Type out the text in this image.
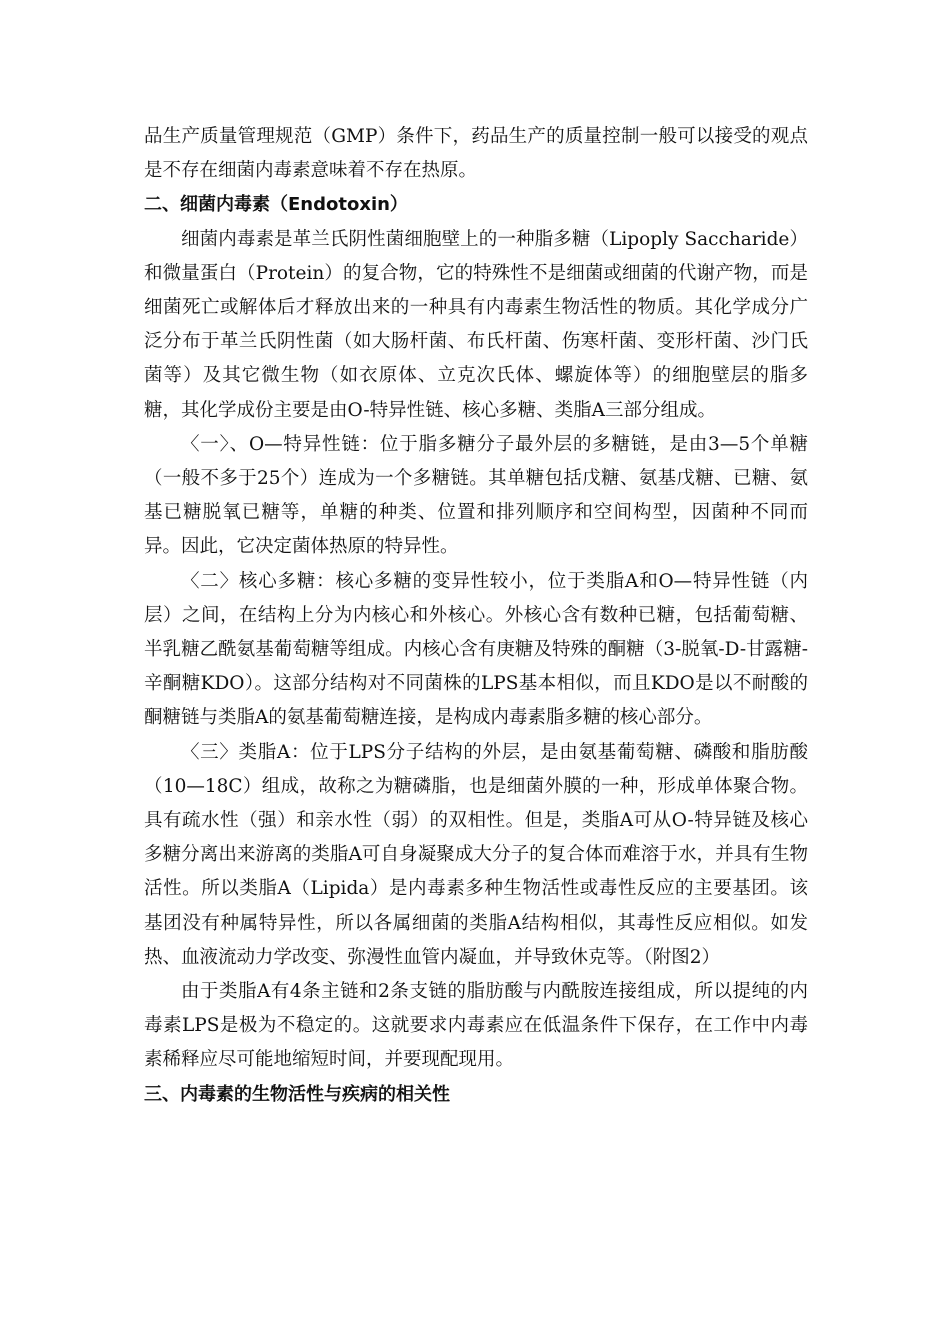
品生产质量管理规范（GMP）条件下，药品生产的质量控制一般可以接受的观点是不存在细菌内毒素意味着不存在热原。

二、细菌内毒素（Endotoxin）

细菌内毒素是革兰氏阴性菌细胞壁上的一种脂多糖（Lipoply Saccharide）和微量蛋白（Protein）的复合物，它的特殊性不是细菌或细菌的代谢产物，而是细菌死亡或解体后才释放出来的一种具有内毒素生物活性的物质。其化学成分广泛分布于革兰氏阴性菌（如大肠杆菌、布氏杆菌、伤寒杆菌、变形杆菌、沙门氏菌等）及其它微生物（如衣原体、立克次氏体、螺旋体等）的细胞壁层的脂多糖，其化学成份主要是由O-特异性链、核心多糖、类脂A三部分组成。

〈一〉、O—特异性链：位于脂多糖分子最外层的多糖链，是由3—5个单糖（一般不多于25个）连成为一个多糖链。其单糖包括戊糖、氨基戊糖、已糖、氨基已糖脱氧已糖等，单糖的种类、位置和排列顺序和空间构型，因菌种不同而异。因此，它决定菌体热原的特异性。

〈二〉核心多糖：核心多糖的变异性较小，位于类脂A和O—特异性链（内层）之间，在结构上分为内核心和外核心。外核心含有数种已糖，包括葡萄糖、半乳糖乙酰氨基葡萄糖等组成。内核心含有庚糖及特殊的酮糖（3-脱氧-D-甘露糖-辛酮糖KDO）。这部分结构对不同菌株的LPS基本相似，而且KDO是以不耐酸的酮糖链与类脂A的氨基葡萄糖连接，是构成内毒素脂多糖的核心部分。

〈三〉类脂A：位于LPS分子结构的外层，是由氨基葡萄糖、磷酸和脂肪酸（10—18C）组成，故称之为糖磷脂，也是细菌外膜的一种，形成单体聚合物。具有疏水性（强）和亲水性（弱）的双相性。但是，类脂A可从O-特异链及核心多糖分离出来游离的类脂A可自身凝聚成大分子的复合体而难溶于水，并具有生物活性。所以类脂A（Lipida）是内毒素多种生物活性或毒性反应的主要基团。该基团没有种属特异性，所以各属细菌的类脂A结构相似，其毒性反应相似。如发热、血液流动力学改变、弥漫性血管内凝血，并导致休克等。（附图2）

由于类脂A有4条主链和2条支链的脂肪酸与内酰胺连接组成，所以提纯的内毒素LPS是极为不稳定的。这就要求内毒素应在低温条件下保存，在工作中内毒素稀释应尽可能地缩短时间，并要现配现用。

三、内毒素的生物活性与疾病的相关性
